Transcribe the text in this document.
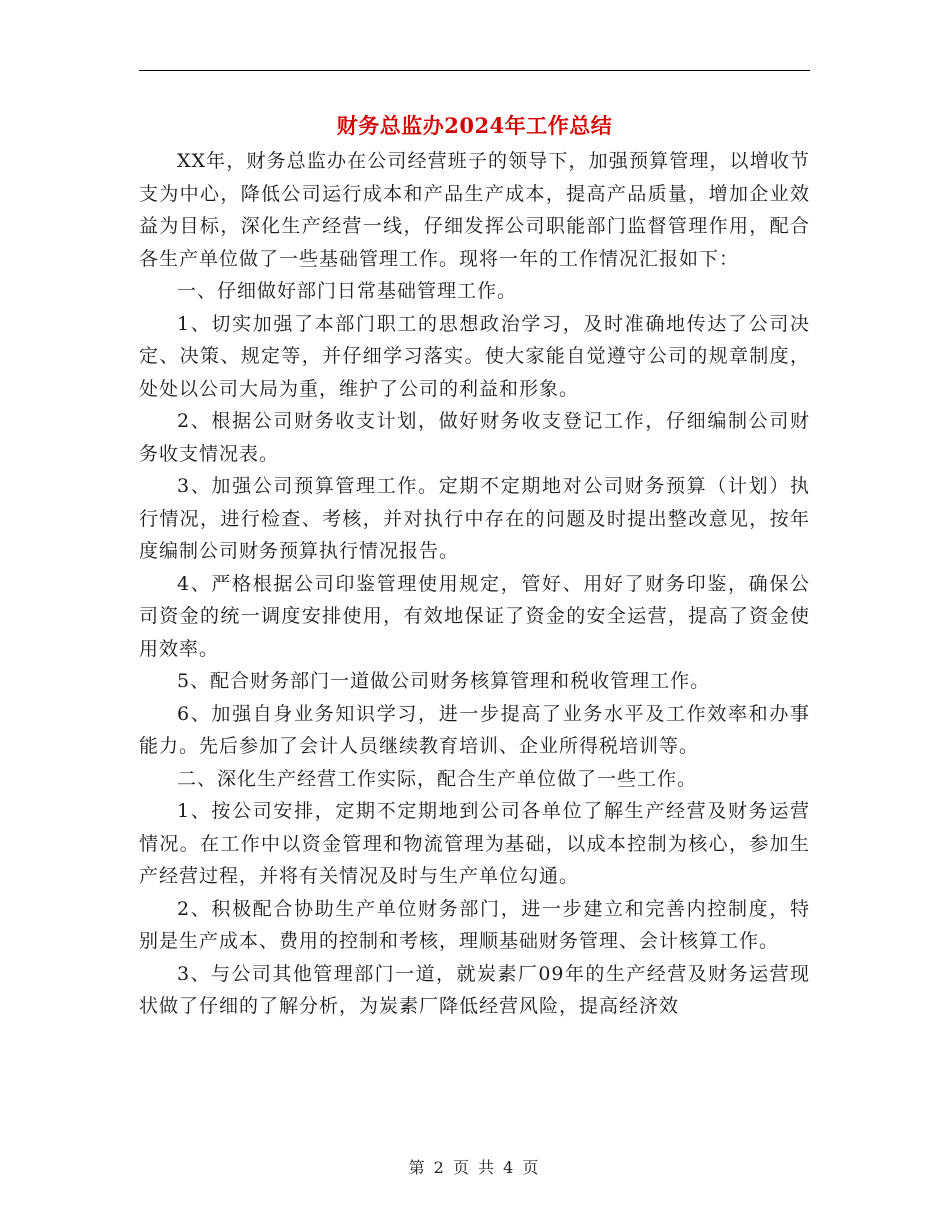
财务总监办2024年工作总结

XX年，财务总监办在公司经营班子的领导下，加强预算管理，以增收节支为中心，降低公司运行成本和产品生产成本，提高产品质量，增加企业效益为目标，深化生产经营一线，仔细发挥公司职能部门监督管理作用，配合各生产单位做了一些基础管理工作。现将一年的工作情况汇报如下：

一、仔细做好部门日常基础管理工作。

1、切实加强了本部门职工的思想政治学习，及时准确地传达了公司决定、决策、规定等，并仔细学习落实。使大家能自觉遵守公司的规章制度，处处以公司大局为重，维护了公司的利益和形象。

2、根据公司财务收支计划，做好财务收支登记工作，仔细编制公司财务收支情况表。

3、加强公司预算管理工作。定期不定期地对公司财务预算（计划）执行情况，进行检查、考核，并对执行中存在的问题及时提出整改意见，按年度编制公司财务预算执行情况报告。

4、严格根据公司印鉴管理使用规定，管好、用好了财务印鉴，确保公司资金的统一调度安排使用，有效地保证了资金的安全运营，提高了资金使用效率。

5、配合财务部门一道做公司财务核算管理和税收管理工作。

6、加强自身业务知识学习，进一步提高了业务水平及工作效率和办事能力。先后参加了会计人员继续教育培训、企业所得税培训等。

二、深化生产经营工作实际，配合生产单位做了一些工作。

1、按公司安排，定期不定期地到公司各单位了解生产经营及财务运营情况。在工作中以资金管理和物流管理为基础，以成本控制为核心，参加生产经营过程，并将有关情况及时与生产单位勾通。

2、积极配合协助生产单位财务部门，进一步建立和完善内控制度，特别是生产成本、费用的控制和考核，理顺基础财务管理、会计核算工作。

3、与公司其他管理部门一道，就炭素厂09年的生产经营及财务运营现状做了仔细的了解分析，为炭素厂降低经营风险，提高经济效

第 2 页 共 4 页
